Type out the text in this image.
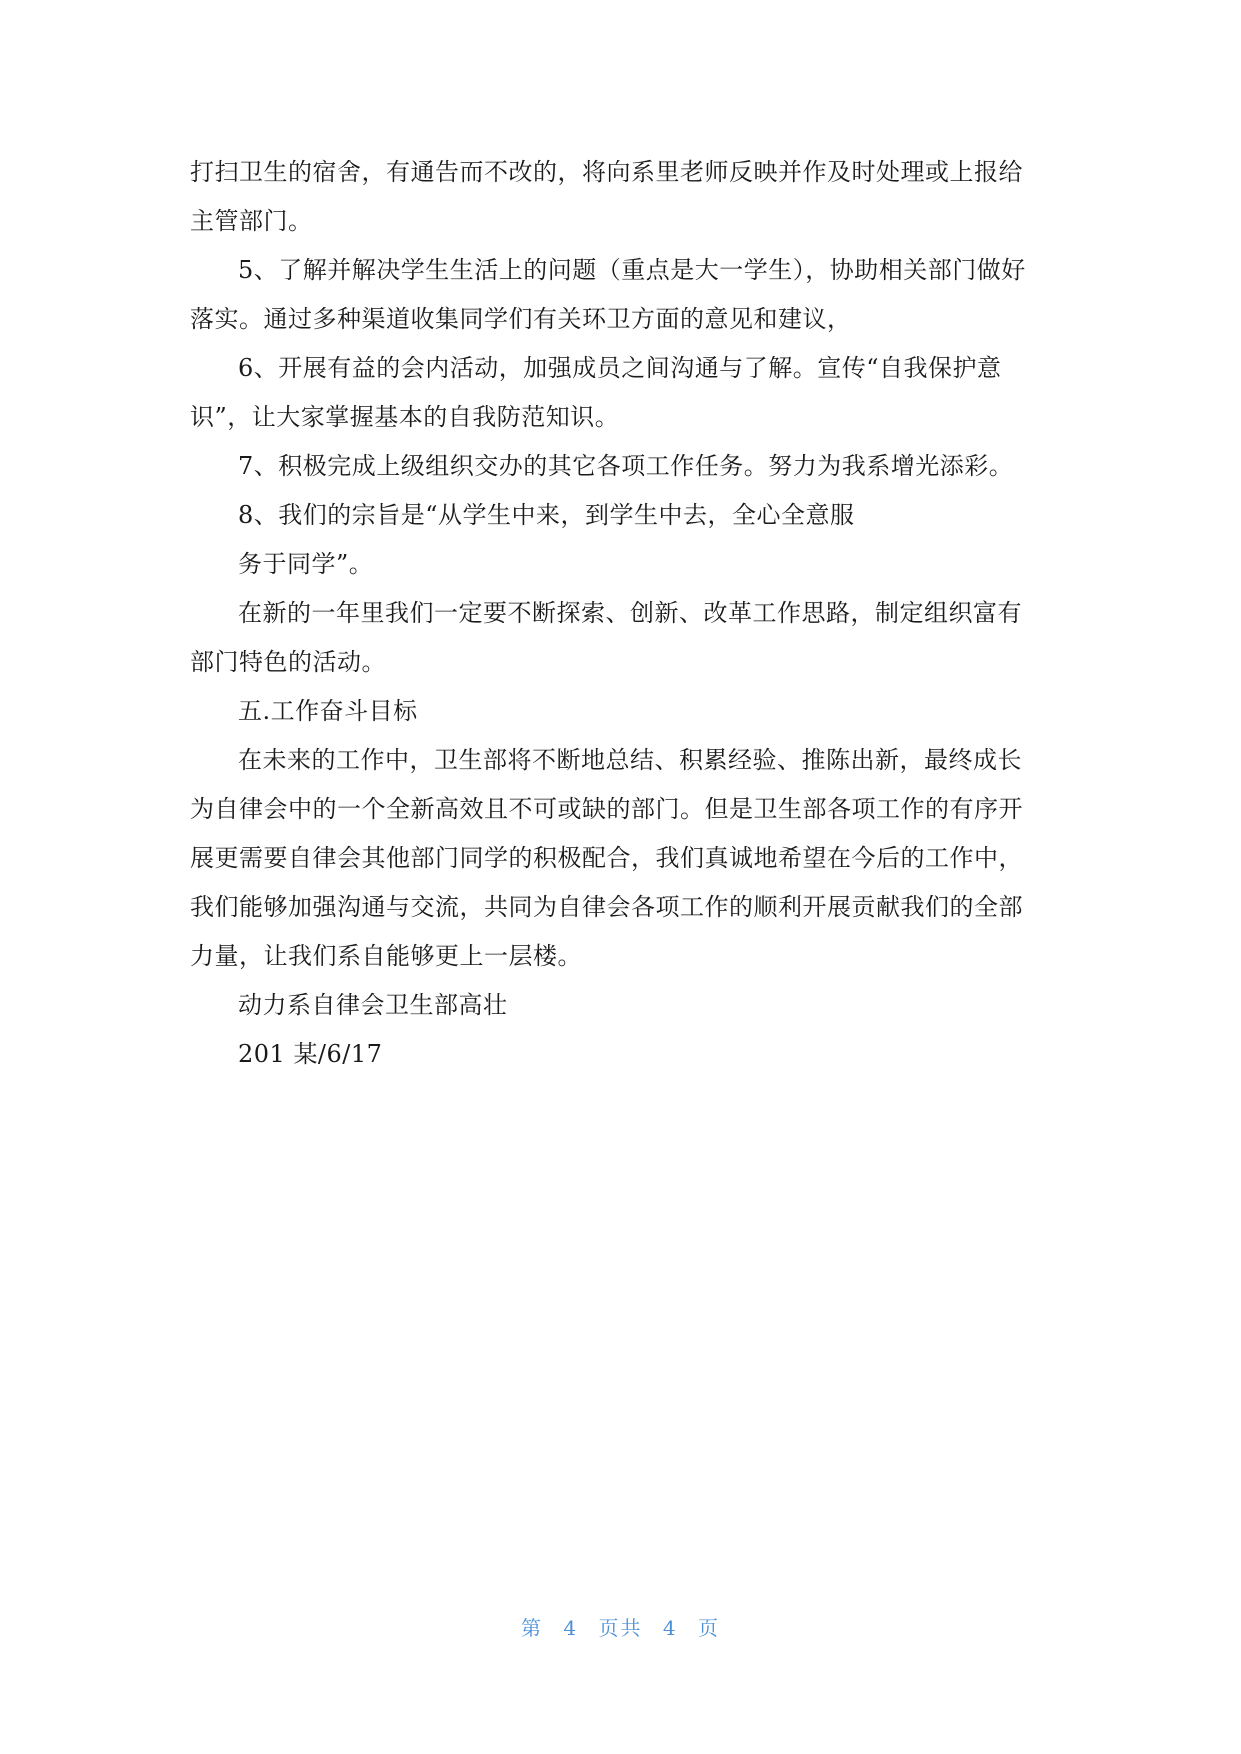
打扫卫生的宿舍，有通告而不改的，将向系里老师反映并作及时处理或上报给
主管部门。
5、了解并解决学生生活上的问题（重点是大一学生），协助相关部门做好
落实。通过多种渠道收集同学们有关环卫方面的意见和建议，
6、开展有益的会内活动，加强成员之间沟通与了解。宣传“自我保护意
识”，让大家掌握基本的自我防范知识。
7、积极完成上级组织交办的其它各项工作任务。努力为我系增光添彩。
8、我们的宗旨是“从学生中来，到学生中去，全心全意服
务于同学”。
在新的一年里我们一定要不断探索、创新、改革工作思路，制定组织富有
部门特色的活动。
五.工作奋斗目标
在未来的工作中，卫生部将不断地总结、积累经验、推陈出新，最终成长
为自律会中的一个全新高效且不可或缺的部门。但是卫生部各项工作的有序开
展更需要自律会其他部门同学的积极配合，我们真诚地希望在今后的工作中，
我们能够加强沟通与交流，共同为自律会各项工作的顺利开展贡献我们的全部
力量，让我们系自能够更上一层楼。
动力系自律会卫生部高壮
201 某/6/17
第 4 页共 4 页
